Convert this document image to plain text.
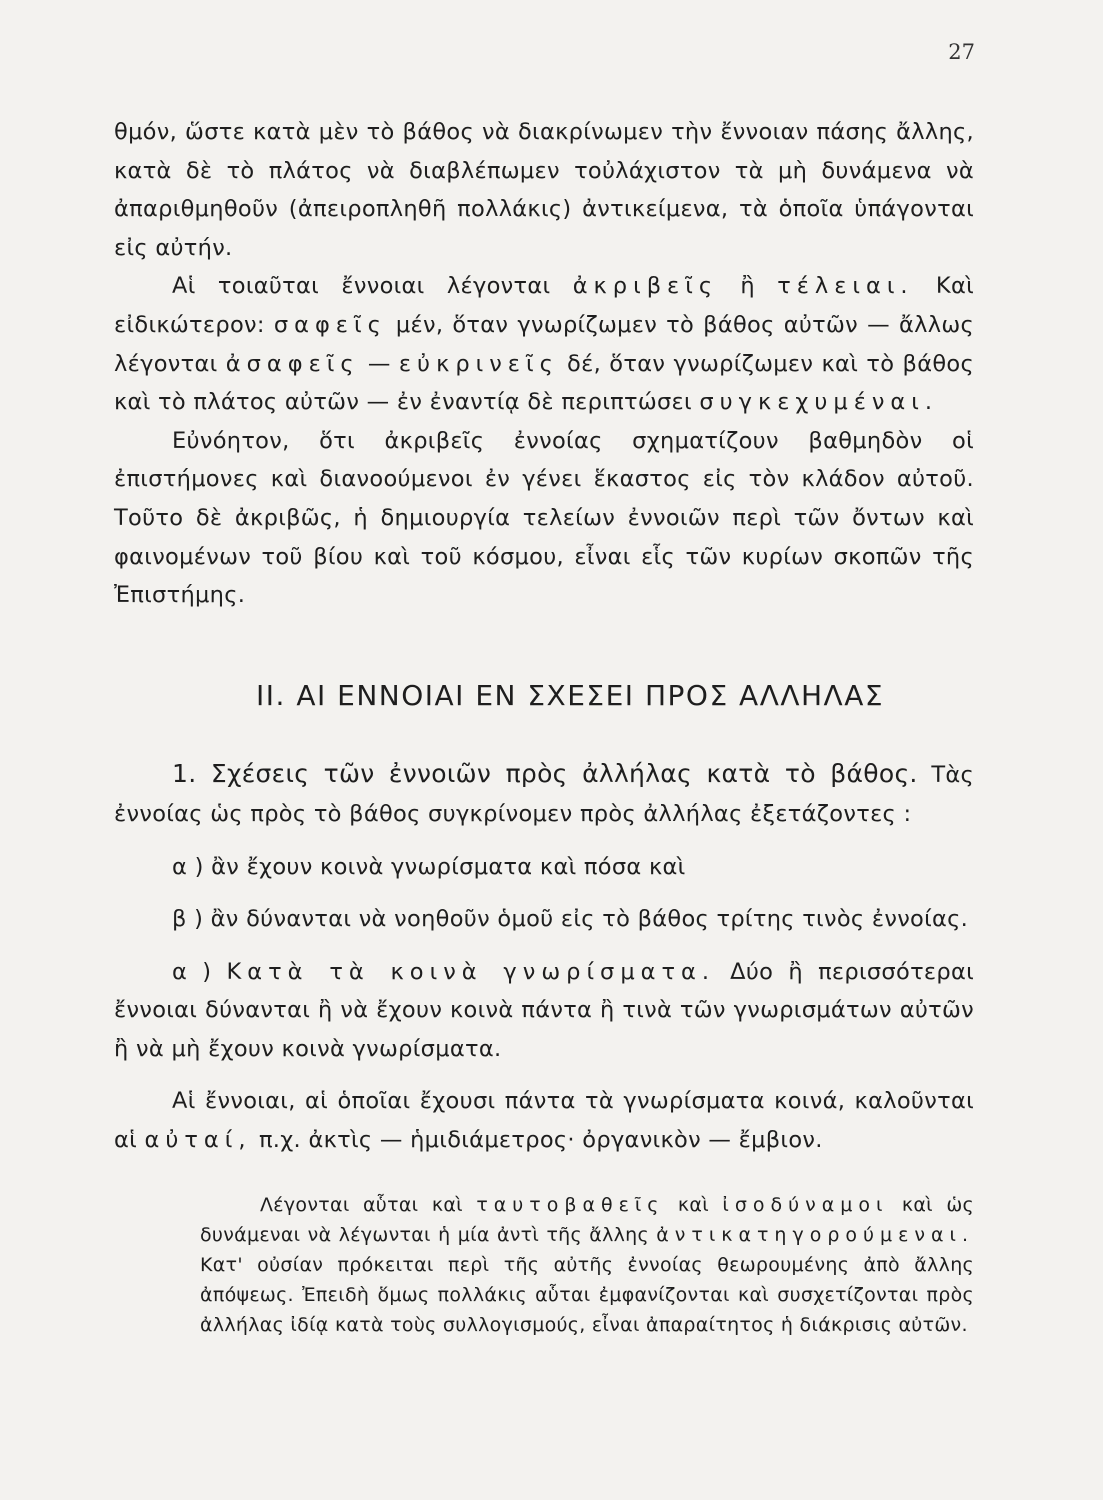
27

θμόν, ὥστε κατὰ μὲν τὸ βάθος νὰ διακρίνωμεν τὴν ἔννοιαν πάσης ἄλλης, κατὰ δὲ τὸ πλάτος νὰ διαβλέπωμεν τοὐλάχιστον τὰ μὴ δυνάμενα νὰ ἀπαριθμηθοῦν (ἀπειροπληθῆ πολλάκις) ἀντικείμενα, τὰ ὁποῖα ὑπάγονται εἰς αὐτήν.

Αἱ τοιαῦται ἔννοιαι λέγονται ἀκριβεῖς ἢ τέλειαι. Καὶ εἰδικώτερον: σαφεῖς μέν, ὅταν γνωρίζωμεν τὸ βάθος αὐτῶν — ἄλλως λέγονται ἀσαφεῖς — εὐκρινεῖς δέ, ὅταν γνωρίζωμεν καὶ τὸ βάθος καὶ τὸ πλάτος αὐτῶν — ἐν ἐναντίᾳ δὲ περιπτώσει συγκεχυμέναι.

Εὐνόητον, ὅτι ἀκριβεῖς ἐννοίας σχηματίζουν βαθμηδὸν οἱ ἐπιστήμονες καὶ διανοούμενοι ἐν γένει ἕκαστος εἰς τὸν κλάδον αὐτοῦ. Τοῦτο δὲ ἀκριβῶς, ἡ δημιουργία τελείων ἐννοιῶν περὶ τῶν ὄντων καὶ φαινομένων τοῦ βίου καὶ τοῦ κόσμου, εἶναι εἷς τῶν κυρίων σκοπῶν τῆς Ἐπιστήμης.

II. ΑΙ ΕΝΝΟΙΑΙ ΕΝ ΣΧΕΣΕΙ ΠΡΟΣ ΑΛΛΗΛΑΣ

1. Σχέσεις τῶν ἐννοιῶν πρὸς ἀλλήλας κατὰ τὸ βάθος. Τὰς ἐννοίας ὡς πρὸς τὸ βάθος συγκρίνομεν πρὸς ἀλλήλας ἐξετάζοντες :

α ) ἂν ἔχουν κοινὰ γνωρίσματα καὶ πόσα καὶ

β ) ἂν δύνανται νὰ νοηθοῦν ὁμοῦ εἰς τὸ βάθος τρίτης τινὸς ἐννοίας.

α ) Κατὰ τὰ κοινὰ γνωρίσματα. Δύο ἢ περισσότεραι ἔννοιαι δύνανται ἢ νὰ ἔχουν κοινὰ πάντα ἢ τινὰ τῶν γνωρισμάτων αὐτῶν ἢ νὰ μὴ ἔχουν κοινὰ γνωρίσματα.

Αἱ ἔννοιαι, αἱ ὁποῖαι ἔχουσι πάντα τὰ γνωρίσματα κοινά, καλοῦνται αἱ αὐταί, π.χ. ἀκτὶς — ἡμιδιάμετρος· ὀργανικὸν — ἔμβιον.

Λέγονται αὗται καὶ ταυτοβαθεῖς καὶ ἰσοδύναμοι καὶ ὡς δυνάμεναι νὰ λέγωνται ἡ μία ἀντὶ τῆς ἄλλης ἀντικατηγορούμεναι. Κατ' οὐσίαν πρόκειται περὶ τῆς αὐτῆς ἐννοίας θεωρουμένης ἀπὸ ἄλλης ἀπόψεως. Ἐπειδὴ ὅμως πολλάκις αὗται ἐμφανίζονται καὶ συσχετίζονται πρὸς ἀλλήλας ἰδίᾳ κατὰ τοὺς συλλογισμούς, εἶναι ἀπαραίτητος ἡ διάκρισις αὐτῶν.
